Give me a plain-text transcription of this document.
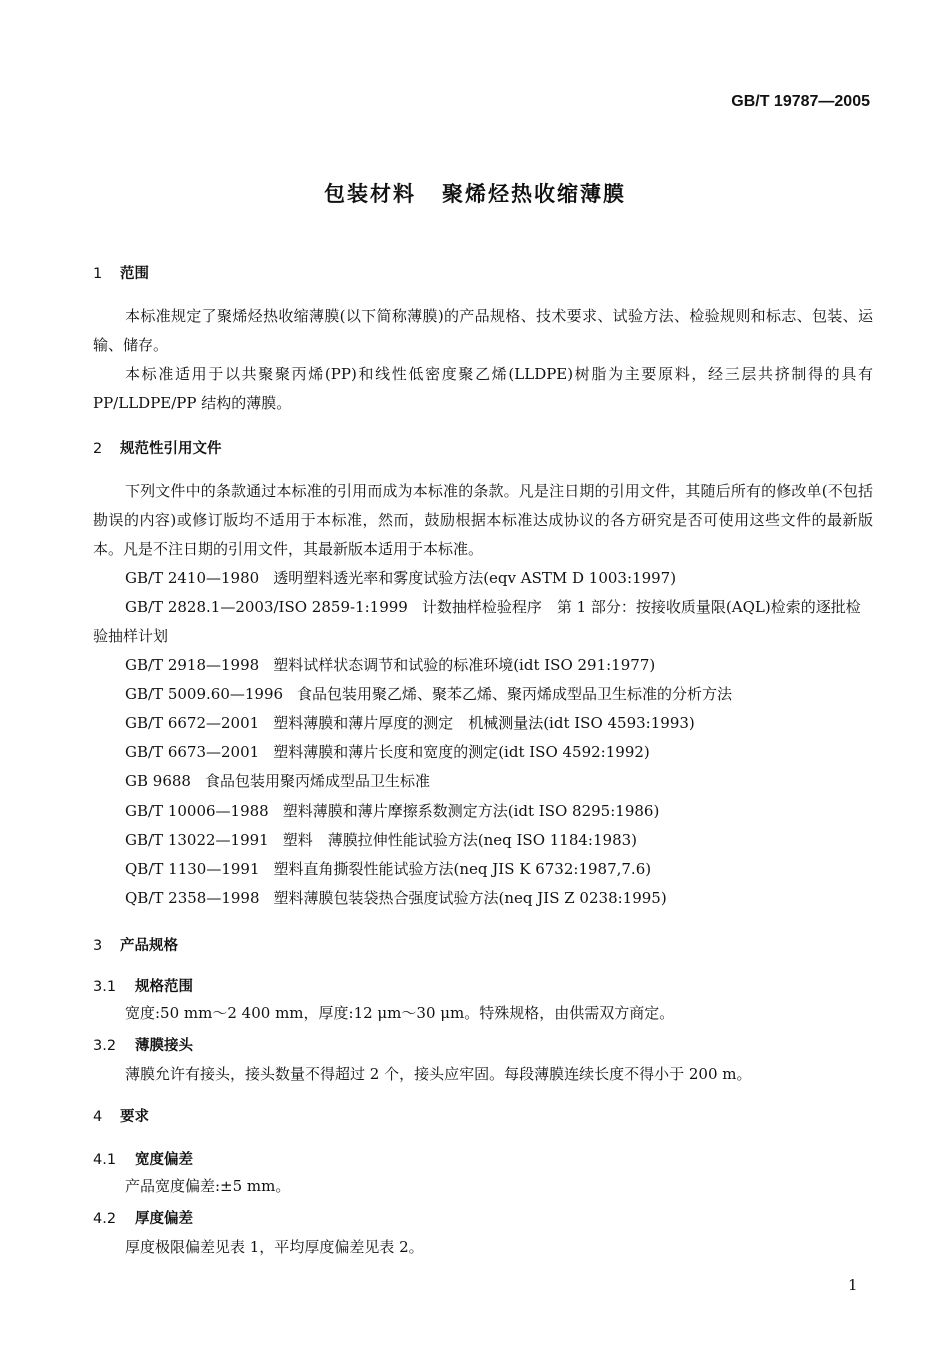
GB/T 19787—2005
包装材料 聚烯烃热收缩薄膜
1 范围
本标准规定了聚烯烃热收缩薄膜(以下简称薄膜)的产品规格、技术要求、试验方法、检验规则和标志、包装、运输、储存。
本标准适用于以共聚聚丙烯(PP)和线性低密度聚乙烯(LLDPE)树脂为主要原料，经三层共挤制得的具有 PP/LLDPE/PP 结构的薄膜。
2 规范性引用文件
下列文件中的条款通过本标准的引用而成为本标准的条款。凡是注日期的引用文件，其随后所有的修改单(不包括勘误的内容)或修订版均不适用于本标准，然而，鼓励根据本标准达成协议的各方研究是否可使用这些文件的最新版本。凡是不注日期的引用文件，其最新版本适用于本标准。
GB/T 2410—1980 透明塑料透光率和雾度试验方法(eqv ASTM D 1003:1997)
GB/T 2828.1—2003/ISO 2859-1:1999 计数抽样检验程序　第 1 部分：按接收质量限(AQL)检索的逐批检验抽样计划
GB/T 2918—1998 塑料试样状态调节和试验的标准环境(idt ISO 291:1977)
GB/T 5009.60—1996 食品包装用聚乙烯、聚苯乙烯、聚丙烯成型品卫生标准的分析方法
GB/T 6672—2001 塑料薄膜和薄片厚度的测定　机械测量法(idt ISO 4593:1993)
GB/T 6673—2001 塑料薄膜和薄片长度和宽度的测定(idt ISO 4592:1992)
GB 9688 食品包装用聚丙烯成型品卫生标准
GB/T 10006—1988 塑料薄膜和薄片摩擦系数测定方法(idt ISO 8295:1986)
GB/T 13022—1991 塑料　薄膜拉伸性能试验方法(neq ISO 1184:1983)
QB/T 1130—1991 塑料直角撕裂性能试验方法(neq JIS K 6732:1987,7.6)
QB/T 2358—1998 塑料薄膜包装袋热合强度试验方法(neq JIS Z 0238:1995)
3 产品规格
3.1 规格范围
宽度:50 mm～2 400 mm，厚度:12 μm～30 μm。特殊规格，由供需双方商定。
3.2 薄膜接头
薄膜允许有接头，接头数量不得超过 2 个，接头应牢固。每段薄膜连续长度不得小于 200 m。
4 要求
4.1 宽度偏差
产品宽度偏差:±5 mm。
4.2 厚度偏差
厚度极限偏差见表 1，平均厚度偏差见表 2。
1
